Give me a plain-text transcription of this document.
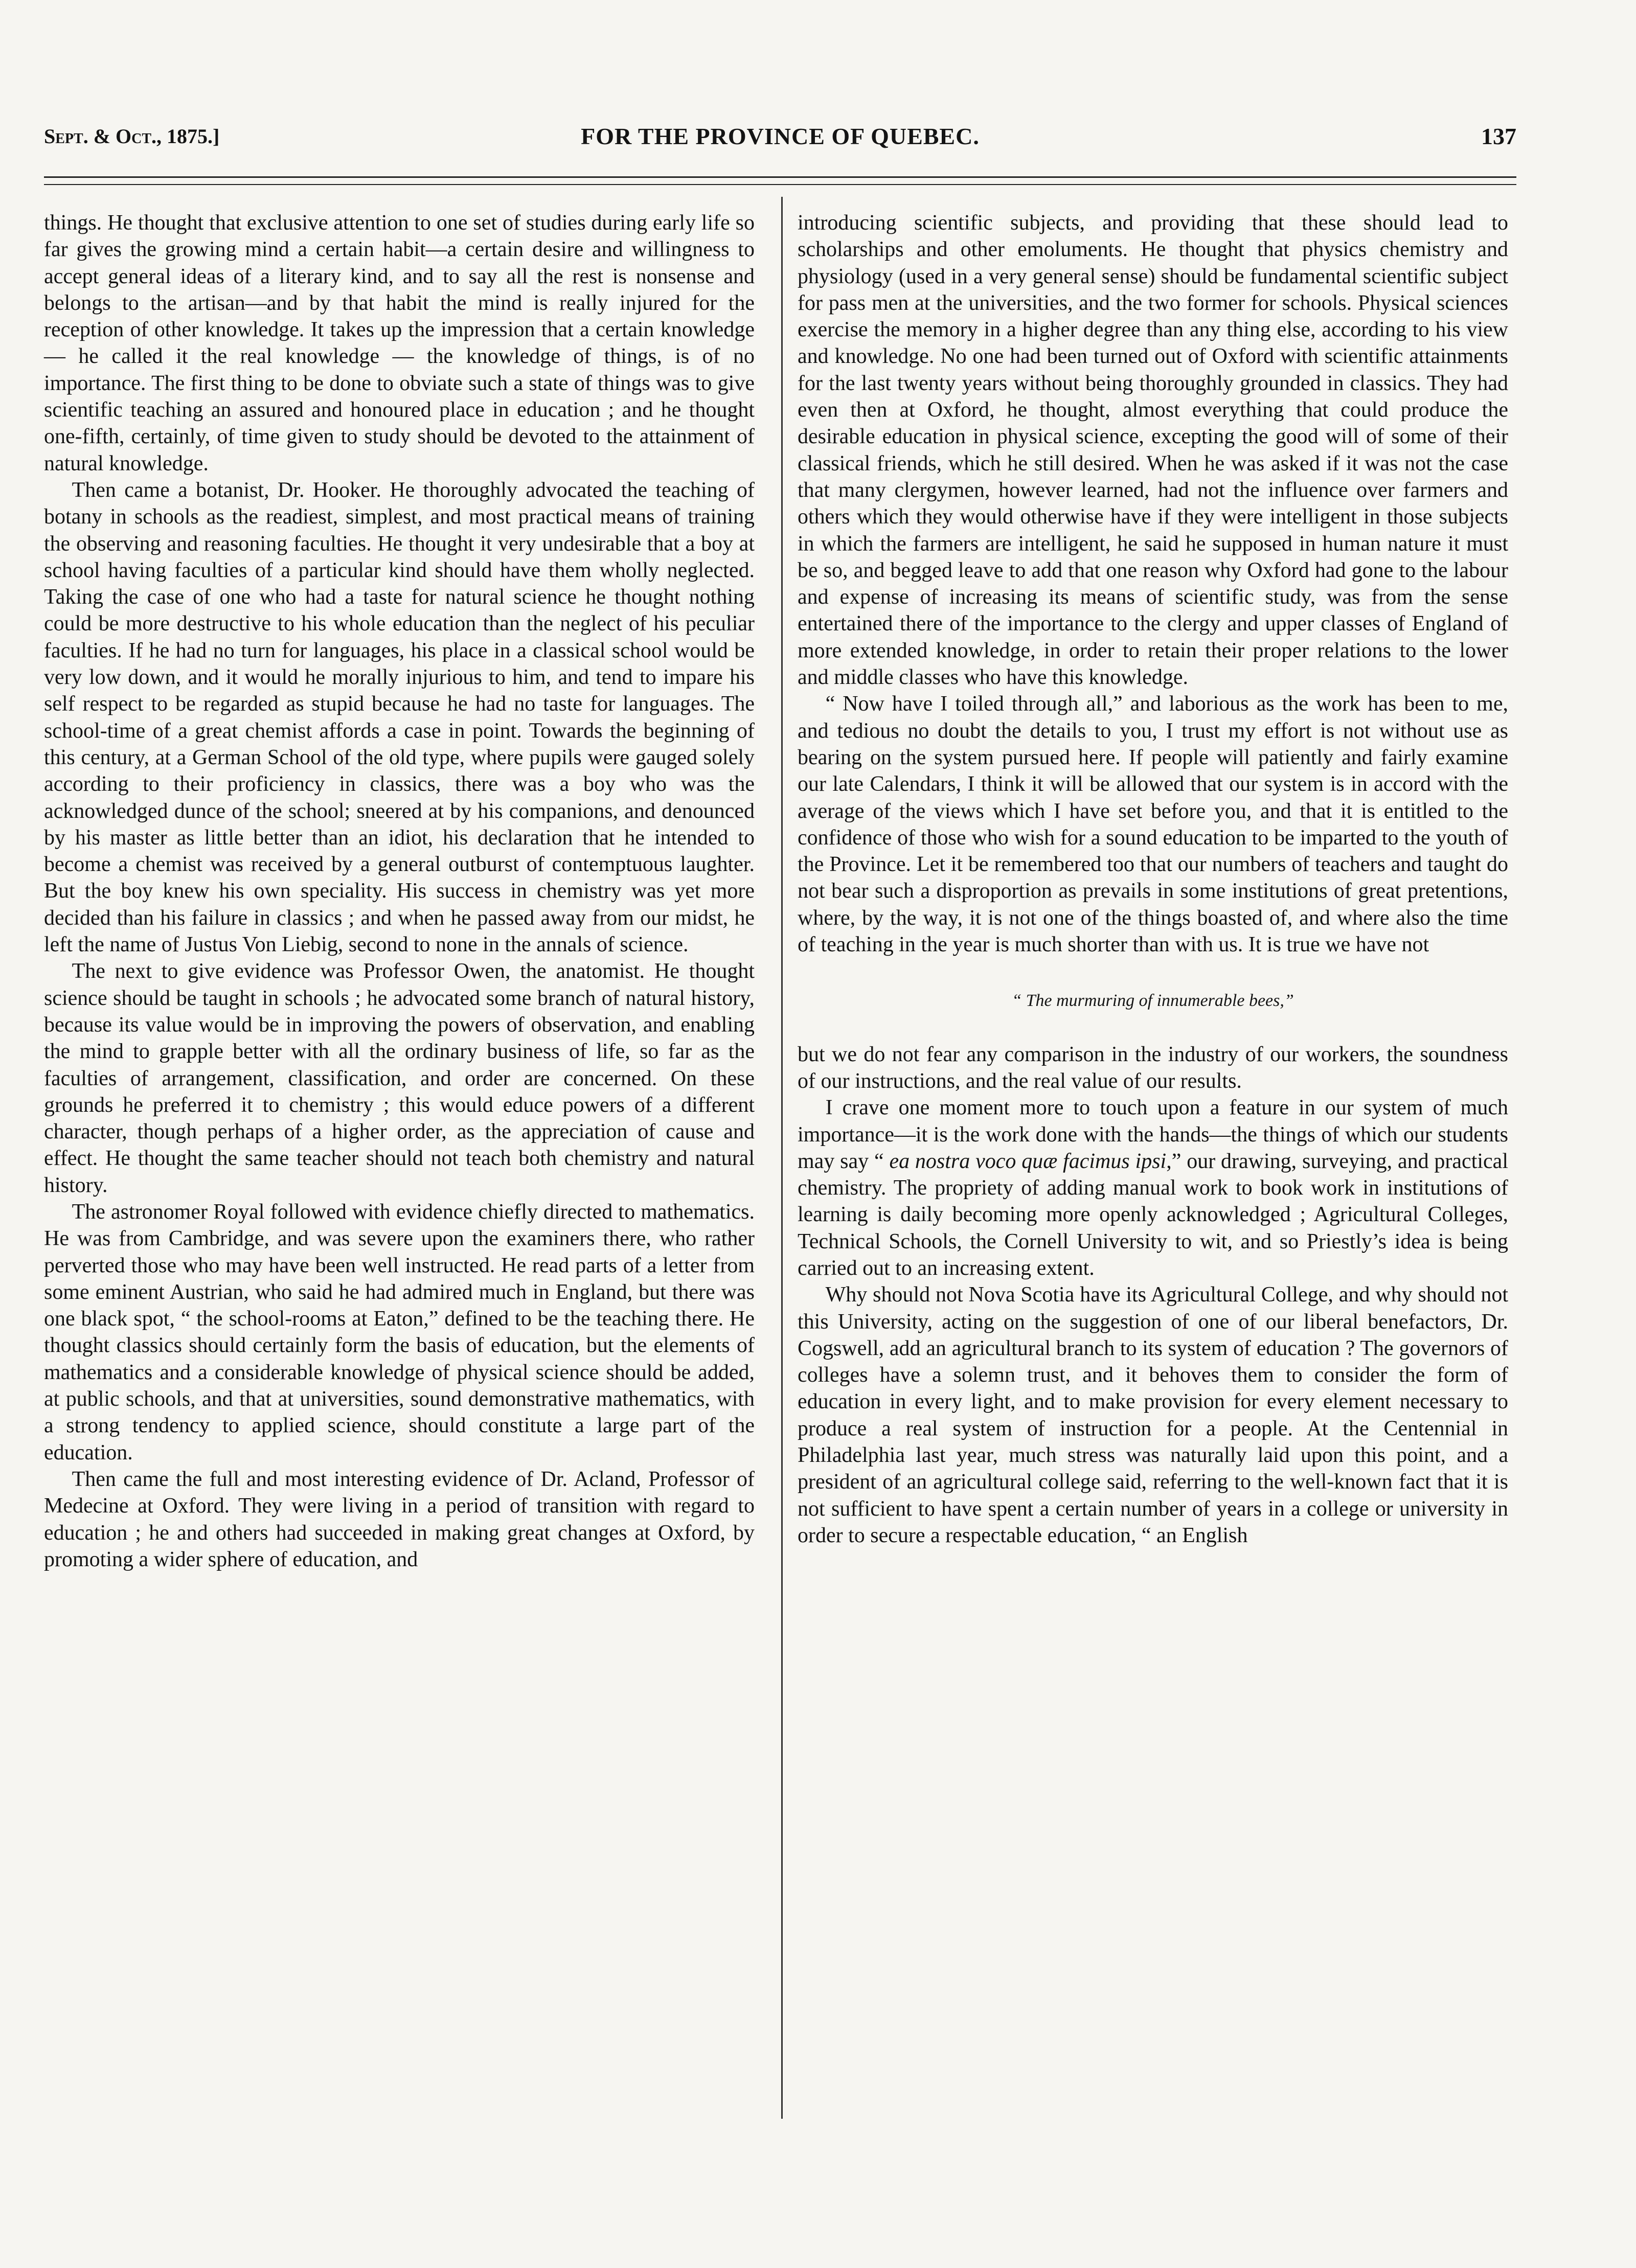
Sept. & Oct., 1875.]	FOR THE PROVINCE OF QUEBEC.	137

things. He thought that exclusive attention to one set of studies during early life so far gives the growing mind a certain habit—a certain desire and willingness to accept general ideas of a literary kind, and to say all the rest is nonsense and belongs to the artisan—and by that habit the mind is really injured for the reception of other knowledge. It takes up the impression that a certain knowledge — he called it the real knowledge — the knowledge of things, is of no importance. The first thing to be done to obviate such a state of things was to give scientific teaching an assured and honoured place in education ; and he thought one-fifth, certainly, of time given to study should be devoted to the attainment of natural knowledge.

Then came a botanist, Dr. Hooker. He thoroughly advocated the teaching of botany in schools as the readiest, simplest, and most practical means of training the observing and reasoning faculties. He thought it very undesirable that a boy at school having faculties of a particular kind should have them wholly neglected. Taking the case of one who had a taste for natural science he thought nothing could be more destructive to his whole education than the neglect of his peculiar faculties. If he had no turn for languages, his place in a classical school would be very low down, and it would he morally injurious to him, and tend to impare his self respect to be regarded as stupid because he had no taste for languages. The school-time of a great chemist affords a case in point. Towards the beginning of this century, at a German School of the old type, where pupils were gauged solely according to their proficiency in classics, there was a boy who was the acknowledged dunce of the school; sneered at by his companions, and denounced by his master as little better than an idiot, his declaration that he intended to become a chemist was received by a general outburst of contemptuous laughter. But the boy knew his own speciality. His success in chemistry was yet more decided than his failure in classics ; and when he passed away from our midst, he left the name of Justus Von Liebig, second to none in the annals of science.

The next to give evidence was Professor Owen, the anatomist. He thought science should be taught in schools ; he advocated some branch of natural history, because its value would be in improving the powers of observation, and enabling the mind to grapple better with all the ordinary business of life, so far as the faculties of arrangement, classification, and order are concerned. On these grounds he preferred it to chemistry ; this would educe powers of a different character, though perhaps of a higher order, as the appreciation of cause and effect. He thought the same teacher should not teach both chemistry and natural history.

The astronomer Royal followed with evidence chiefly directed to mathematics. He was from Cambridge, and was severe upon the examiners there, who rather perverted those who may have been well instructed. He read parts of a letter from some eminent Austrian, who said he had admired much in England, but there was one black spot, “ the school-rooms at Eaton,” defined to be the teaching there. He thought classics should certainly form the basis of education, but the elements of mathematics and a considerable knowledge of physical science should be added, at public schools, and that at universities, sound demonstrative mathematics, with a strong tendency to applied science, should constitute a large part of the education.

Then came the full and most interesting evidence of Dr. Acland, Professor of Medecine at Oxford. They were living in a period of transition with regard to education ; he and others had succeeded in making great changes at Oxford, by promoting a wider sphere of education, and

introducing scientific subjects, and providing that these should lead to scholarships and other emoluments. He thought that physics chemistry and physiology (used in a very general sense) should be fundamental scientific subject for pass men at the universities, and the two former for schools. Physical sciences exercise the memory in a higher degree than any thing else, according to his view and knowledge. No one had been turned out of Oxford with scientific attainments for the last twenty years without being thoroughly grounded in classics. They had even then at Oxford, he thought, almost everything that could produce the desirable education in physical science, excepting the good will of some of their classical friends, which he still desired. When he was asked if it was not the case that many clergymen, however learned, had not the influence over farmers and others which they would otherwise have if they were intelligent in those subjects in which the farmers are intelligent, he said he supposed in human nature it must be so, and begged leave to add that one reason why Oxford had gone to the labour and expense of increasing its means of scientific study, was from the sense entertained there of the importance to the clergy and upper classes of England of more extended knowledge, in order to retain their proper relations to the lower and middle classes who have this knowledge.

“ Now have I toiled through all,” and laborious as the work has been to me, and tedious no doubt the details to you, I trust my effort is not without use as bearing on the system pursued here. If people will patiently and fairly examine our late Calendars, I think it will be allowed that our system is in accord with the average of the views which I have set before you, and that it is entitled to the confidence of those who wish for a sound education to be imparted to the youth of the Province. Let it be remembered too that our numbers of teachers and taught do not bear such a disproportion as prevails in some institutions of great pretentions, where, by the way, it is not one of the things boasted of, and where also the time of teaching in the year is much shorter than with us. It is true we have not

“ The murmuring of innumerable bees,”

but we do not fear any comparison in the industry of our workers, the soundness of our instructions, and the real value of our results.

I crave one moment more to touch upon a feature in our system of much importance—it is the work done with the hands—the things of which our students may say “ ea nostra voco quæ facimus ipsi,” our drawing, surveying, and practical chemistry. The propriety of adding manual work to book work in institutions of learning is daily becoming more openly acknowledged ; Agricultural Colleges, Technical Schools, the Cornell University to wit, and so Priestly’s idea is being carried out to an increasing extent.

Why should not Nova Scotia have its Agricultural College, and why should not this University, acting on the suggestion of one of our liberal benefactors, Dr. Cogswell, add an agricultural branch to its system of education ? The governors of colleges have a solemn trust, and it behoves them to consider the form of education in every light, and to make provision for every element necessary to produce a real system of instruction for a people. At the Centennial in Philadelphia last year, much stress was naturally laid upon this point, and a president of an agricultural college said, referring to the well-known fact that it is not sufficient to have spent a certain number of years in a college or university in order to secure a respectable education, “ an English
